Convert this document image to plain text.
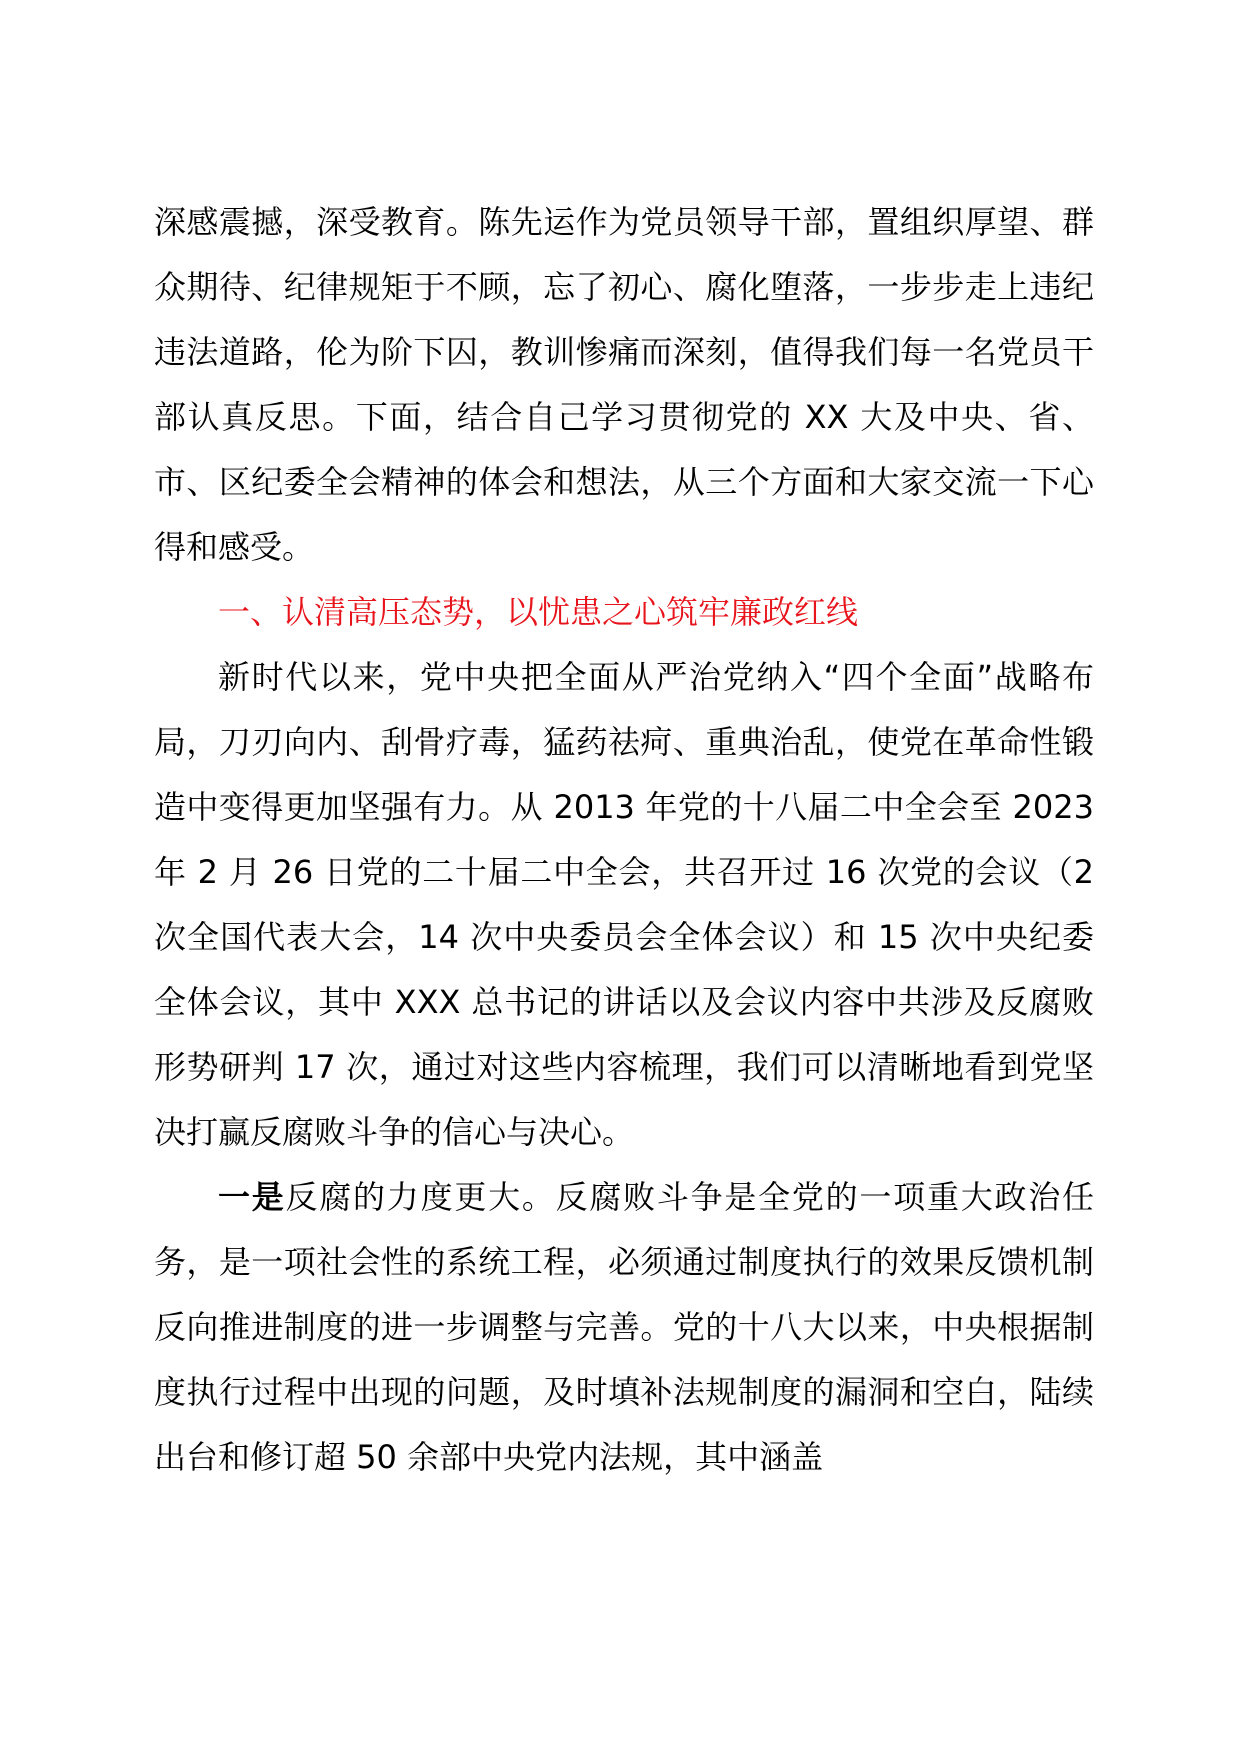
深感震撼，深受教育。陈先运作为党员领导干部，置组织厚望、群众期待、纪律规矩于不顾，忘了初心、腐化堕落，一步步走上违纪违法道路，伦为阶下囚，教训惨痛而深刻，值得我们每一名党员干部认真反思。下面，结合自己学习贯彻党的 XX 大及中央、省、市、区纪委全会精神的体会和想法，从三个方面和大家交流一下心得和感受。

一、认清高压态势，以忧患之心筑牢廉政红线

新时代以来，党中央把全面从严治党纳入“四个全面”战略布局，刀刃向内、刮骨疗毒，猛药祛疴、重典治乱，使党在革命性锻造中变得更加坚强有力。从 2013 年党的十八届二中全会至 2023 年 2 月 26 日党的二十届二中全会，共召开过 16 次党的会议（2 次全国代表大会，14 次中央委员会全体会议）和 15 次中央纪委全体会议，其中 XXX 总书记的讲话以及会议内容中共涉及反腐败形势研判 17 次，通过对这些内容梳理，我们可以清晰地看到党坚决打赢反腐败斗争的信心与决心。

一是反腐的力度更大。反腐败斗争是全党的一项重大政治任务，是一项社会性的系统工程，必须通过制度执行的效果反馈机制反向推进制度的进一步调整与完善。党的十八大以来，中央根据制度执行过程中出现的问题，及时填补法规制度的漏洞和空白，陆续出台和修订超 50 余部中央党内法规，其中涵盖
